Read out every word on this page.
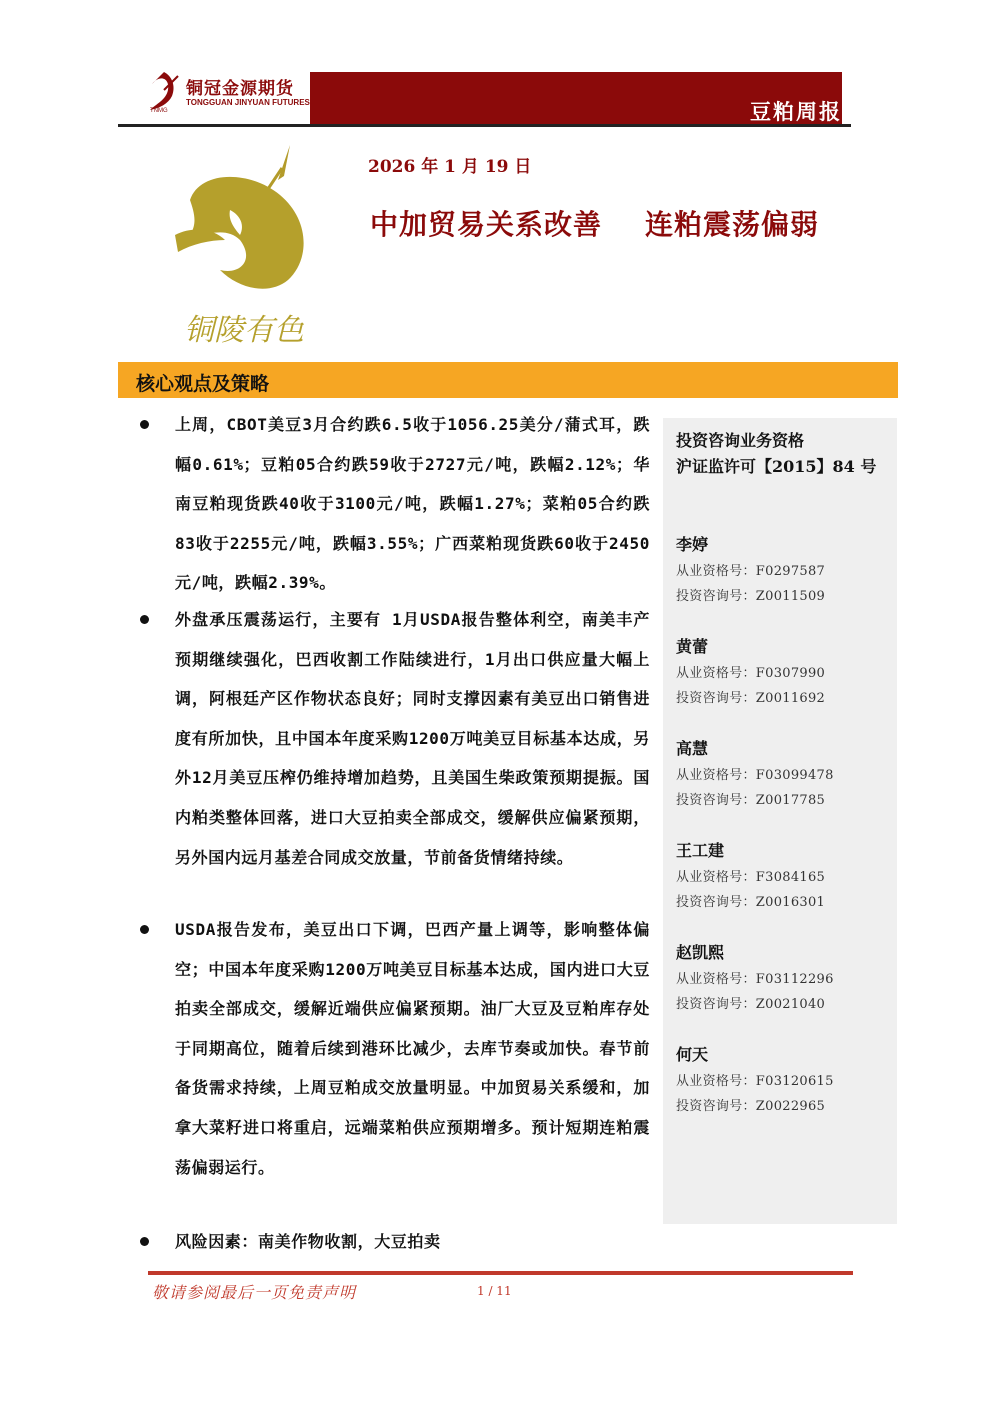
豆粕周报
铜冠金源期货
TONGGUAN JINYUAN FUTURES
TNMG
铜陵有色
2026 年 1 月 19 日
中加贸易关系改善    连粕震荡偏弱
核心观点及策略
上周，CBOT美豆3月合约跌6.5收于1056.25美分/蒲式耳，跌幅0.61%；豆粕05合约跌59收于2727元/吨，跌幅2.12%；华南豆粕现货跌40收于3100元/吨，跌幅1.27%；菜粕05合约跌83收于2255元/吨，跌幅3.55%；广西菜粕现货跌60收于2450元/吨，跌幅2.39%。
外盘承压震荡运行，主要有 1月USDA报告整体利空，南美丰产预期继续强化，巴西收割工作陆续进行，1月出口供应量大幅上调，阿根廷产区作物状态良好；同时支撑因素有美豆出口销售进度有所加快，且中国本年度采购1200万吨美豆目标基本达成，另外12月美豆压榨仍维持增加趋势，且美国生柴政策预期提振。国内粕类整体回落，进口大豆拍卖全部成交，缓解供应偏紧预期，另外国内远月基差合同成交放量，节前备货情绪持续。
USDA报告发布，美豆出口下调，巴西产量上调等，影响整体偏空；中国本年度采购1200万吨美豆目标基本达成，国内进口大豆拍卖全部成交，缓解近端供应偏紧预期。油厂大豆及豆粕库存处于同期高位，随着后续到港环比减少，去库节奏或加快。春节前备货需求持续，上周豆粕成交放量明显。中加贸易关系缓和，加拿大菜籽进口将重启，远端菜粕供应预期增多。预计短期连粕震荡偏弱运行。
风险因素：南美作物收割，大豆拍卖
投资咨询业务资格
沪证监许可【2015】84 号
李婷
从业资格号：F0297587
投资咨询号：Z0011509
黄蕾
从业资格号：F0307990
投资咨询号：Z0011692
高慧
从业资格号：F03099478
投资咨询号：Z0017785
王工建
从业资格号：F3084165
投资咨询号：Z0016301
赵凯熙
从业资格号：F03112296
投资咨询号：Z0021040
何天
从业资格号：F03120615
投资咨询号：Z0022965
敬请参阅最后一页免责声明	1 / 11
